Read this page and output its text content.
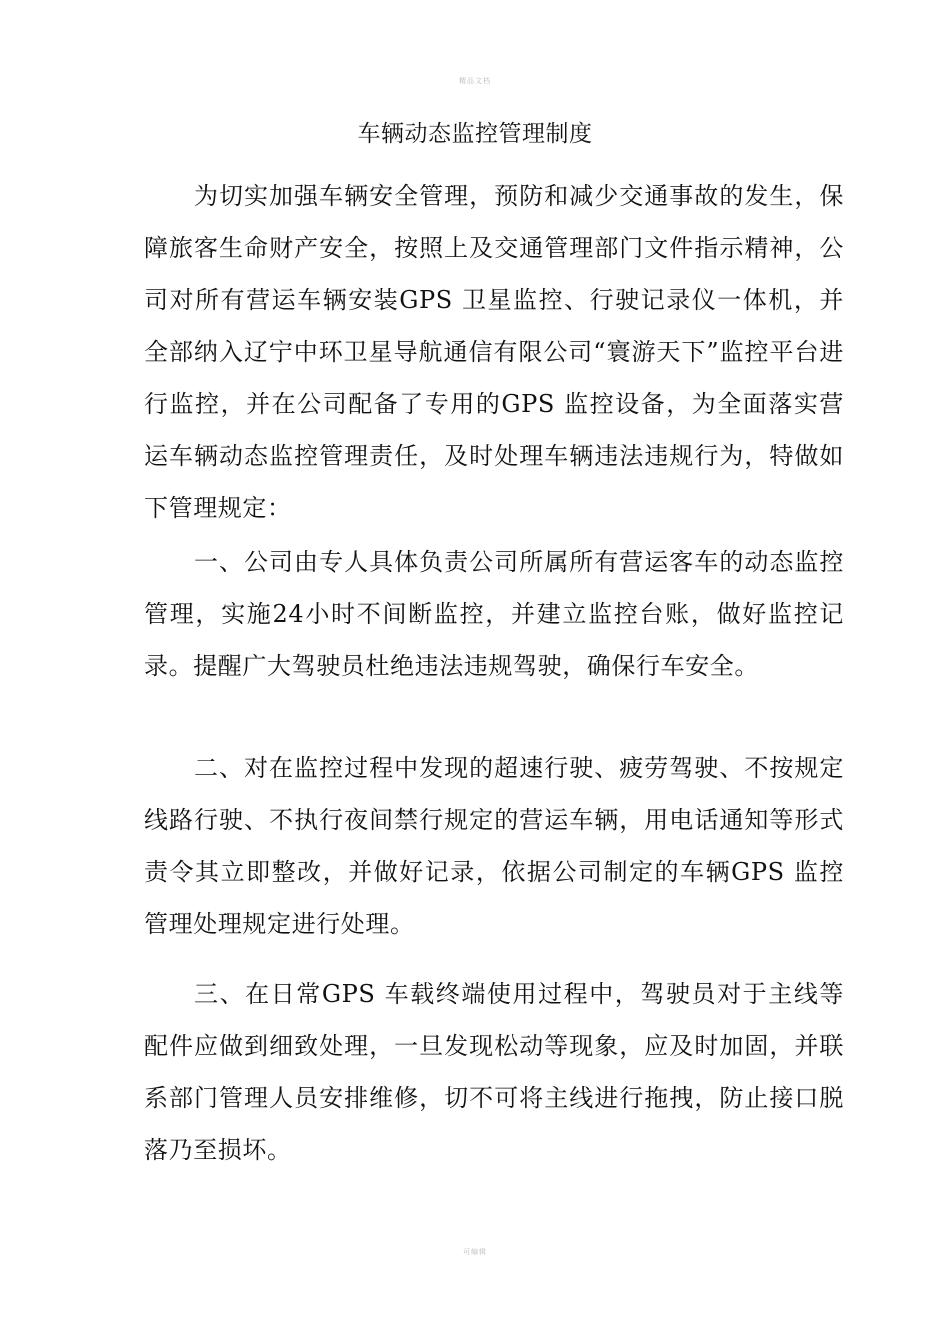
精品文档
车辆动态监控管理制度

为切实加强车辆安全管理，预防和减少交通事故的发生，保障旅客生命财产安全，按照上及交通管理部门文件指示精神，公司对所有营运车辆安装GPS 卫星监控、行驶记录仪一体机，并全部纳入辽宁中环卫星导航通信有限公司“寰游天下”监控平台进行监控，并在公司配备了专用的GPS 监控设备，为全面落实营运车辆动态监控管理责任，及时处理车辆违法违规行为，特做如下管理规定：

一、公司由专人具体负责公司所属所有营运客车的动态监控管理，实施24小时不间断监控，并建立监控台账，做好监控记录。提醒广大驾驶员杜绝违法违规驾驶，确保行车安全。

二、对在监控过程中发现的超速行驶、疲劳驾驶、不按规定线路行驶、不执行夜间禁行规定的营运车辆，用电话通知等形式责令其立即整改，并做好记录，依据公司制定的车辆GPS 监控管理处理规定进行处理。

三、在日常GPS 车载终端使用过程中，驾驶员对于主线等配件应做到细致处理，一旦发现松动等现象，应及时加固，并联系部门管理人员安排维修，切不可将主线进行拖拽，防止接口脱落乃至损坏。

可编辑
